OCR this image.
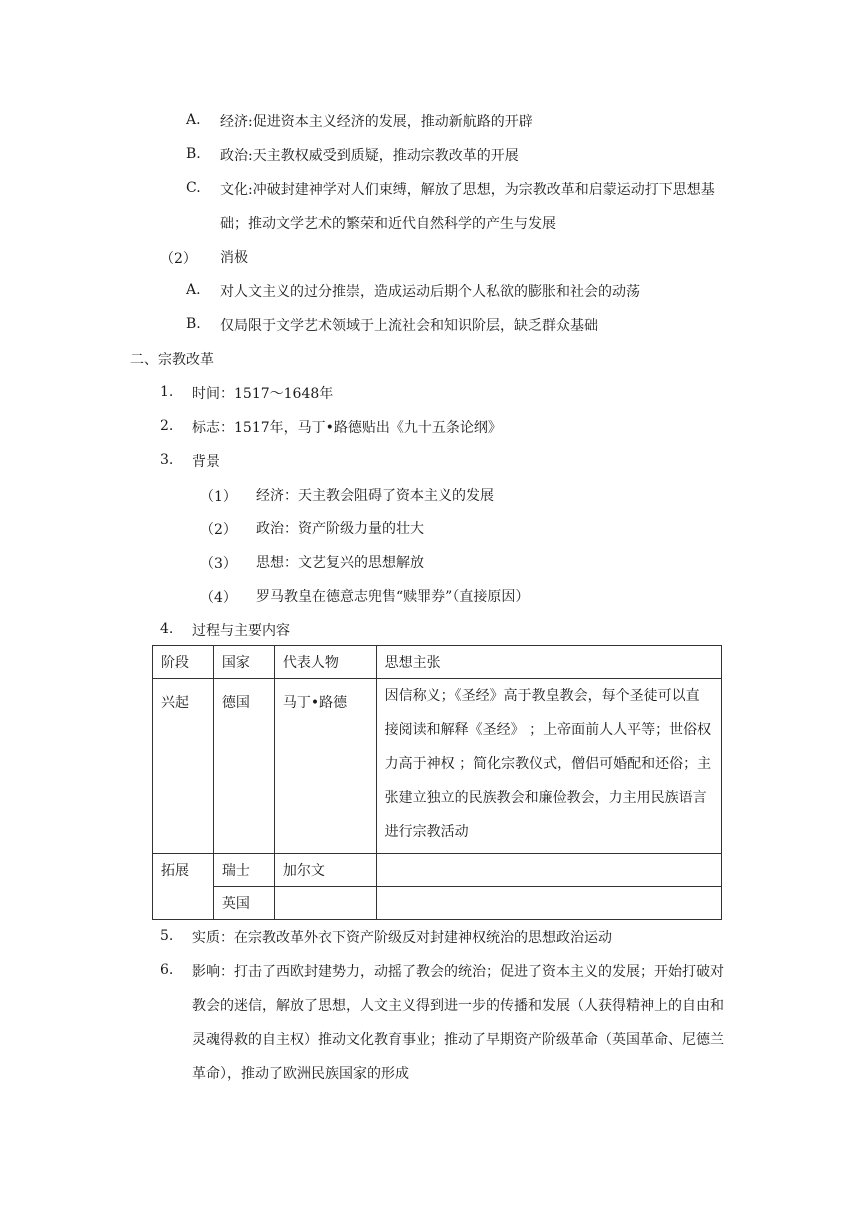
A. 经济:促进资本主义经济的发展，推动新航路的开辟
B. 政治:天主教权威受到质疑，推动宗教改革的开展
C. 文化:冲破封建神学对人们束缚，解放了思想，为宗教改革和启蒙运动打下思想基础；推动文学艺术的繁荣和近代自然科学的产生与发展
（2） 消极
A. 对人文主义的过分推崇，造成运动后期个人私欲的膨胀和社会的动荡
B. 仅局限于文学艺术领域于上流社会和知识阶层，缺乏群众基础
二、宗教改革
1. 时间：1517～1648年
2. 标志：1517年，马丁•路德贴出《九十五条论纲》
3. 背景
（1） 经济：天主教会阻碍了资本主义的发展
（2） 政治：资产阶级力量的壮大
（3） 思想：文艺复兴的思想解放
（4） 罗马教皇在德意志兜售“赎罪券”（直接原因）
4. 过程与主要内容
阶段	国家	代表人物	思想主张
兴起	德国	马丁•路德	因信称义；《圣经》高于教皇教会，每个圣徒可以直接阅读和解释《圣经》 ；上帝面前人人平等；世俗权力高于神权 ；简化宗教仪式，僧侣可婚配和还俗；主张建立独立的民族教会和廉俭教会，力主用民族语言进行宗教活动
拓展	瑞士	加尔文	
	英国		
5. 实质：在宗教改革外衣下资产阶级反对封建神权统治的思想政治运动
6. 影响：打击了西欧封建势力，动摇了教会的统治；促进了资本主义的发展；开始打破对教会的迷信，解放了思想，人文主义得到进一步的传播和发展（人获得精神上的自由和灵魂得救的自主权）推动文化教育事业；推动了早期资产阶级革命（英国革命、尼德兰革命），推动了欧洲民族国家的形成
